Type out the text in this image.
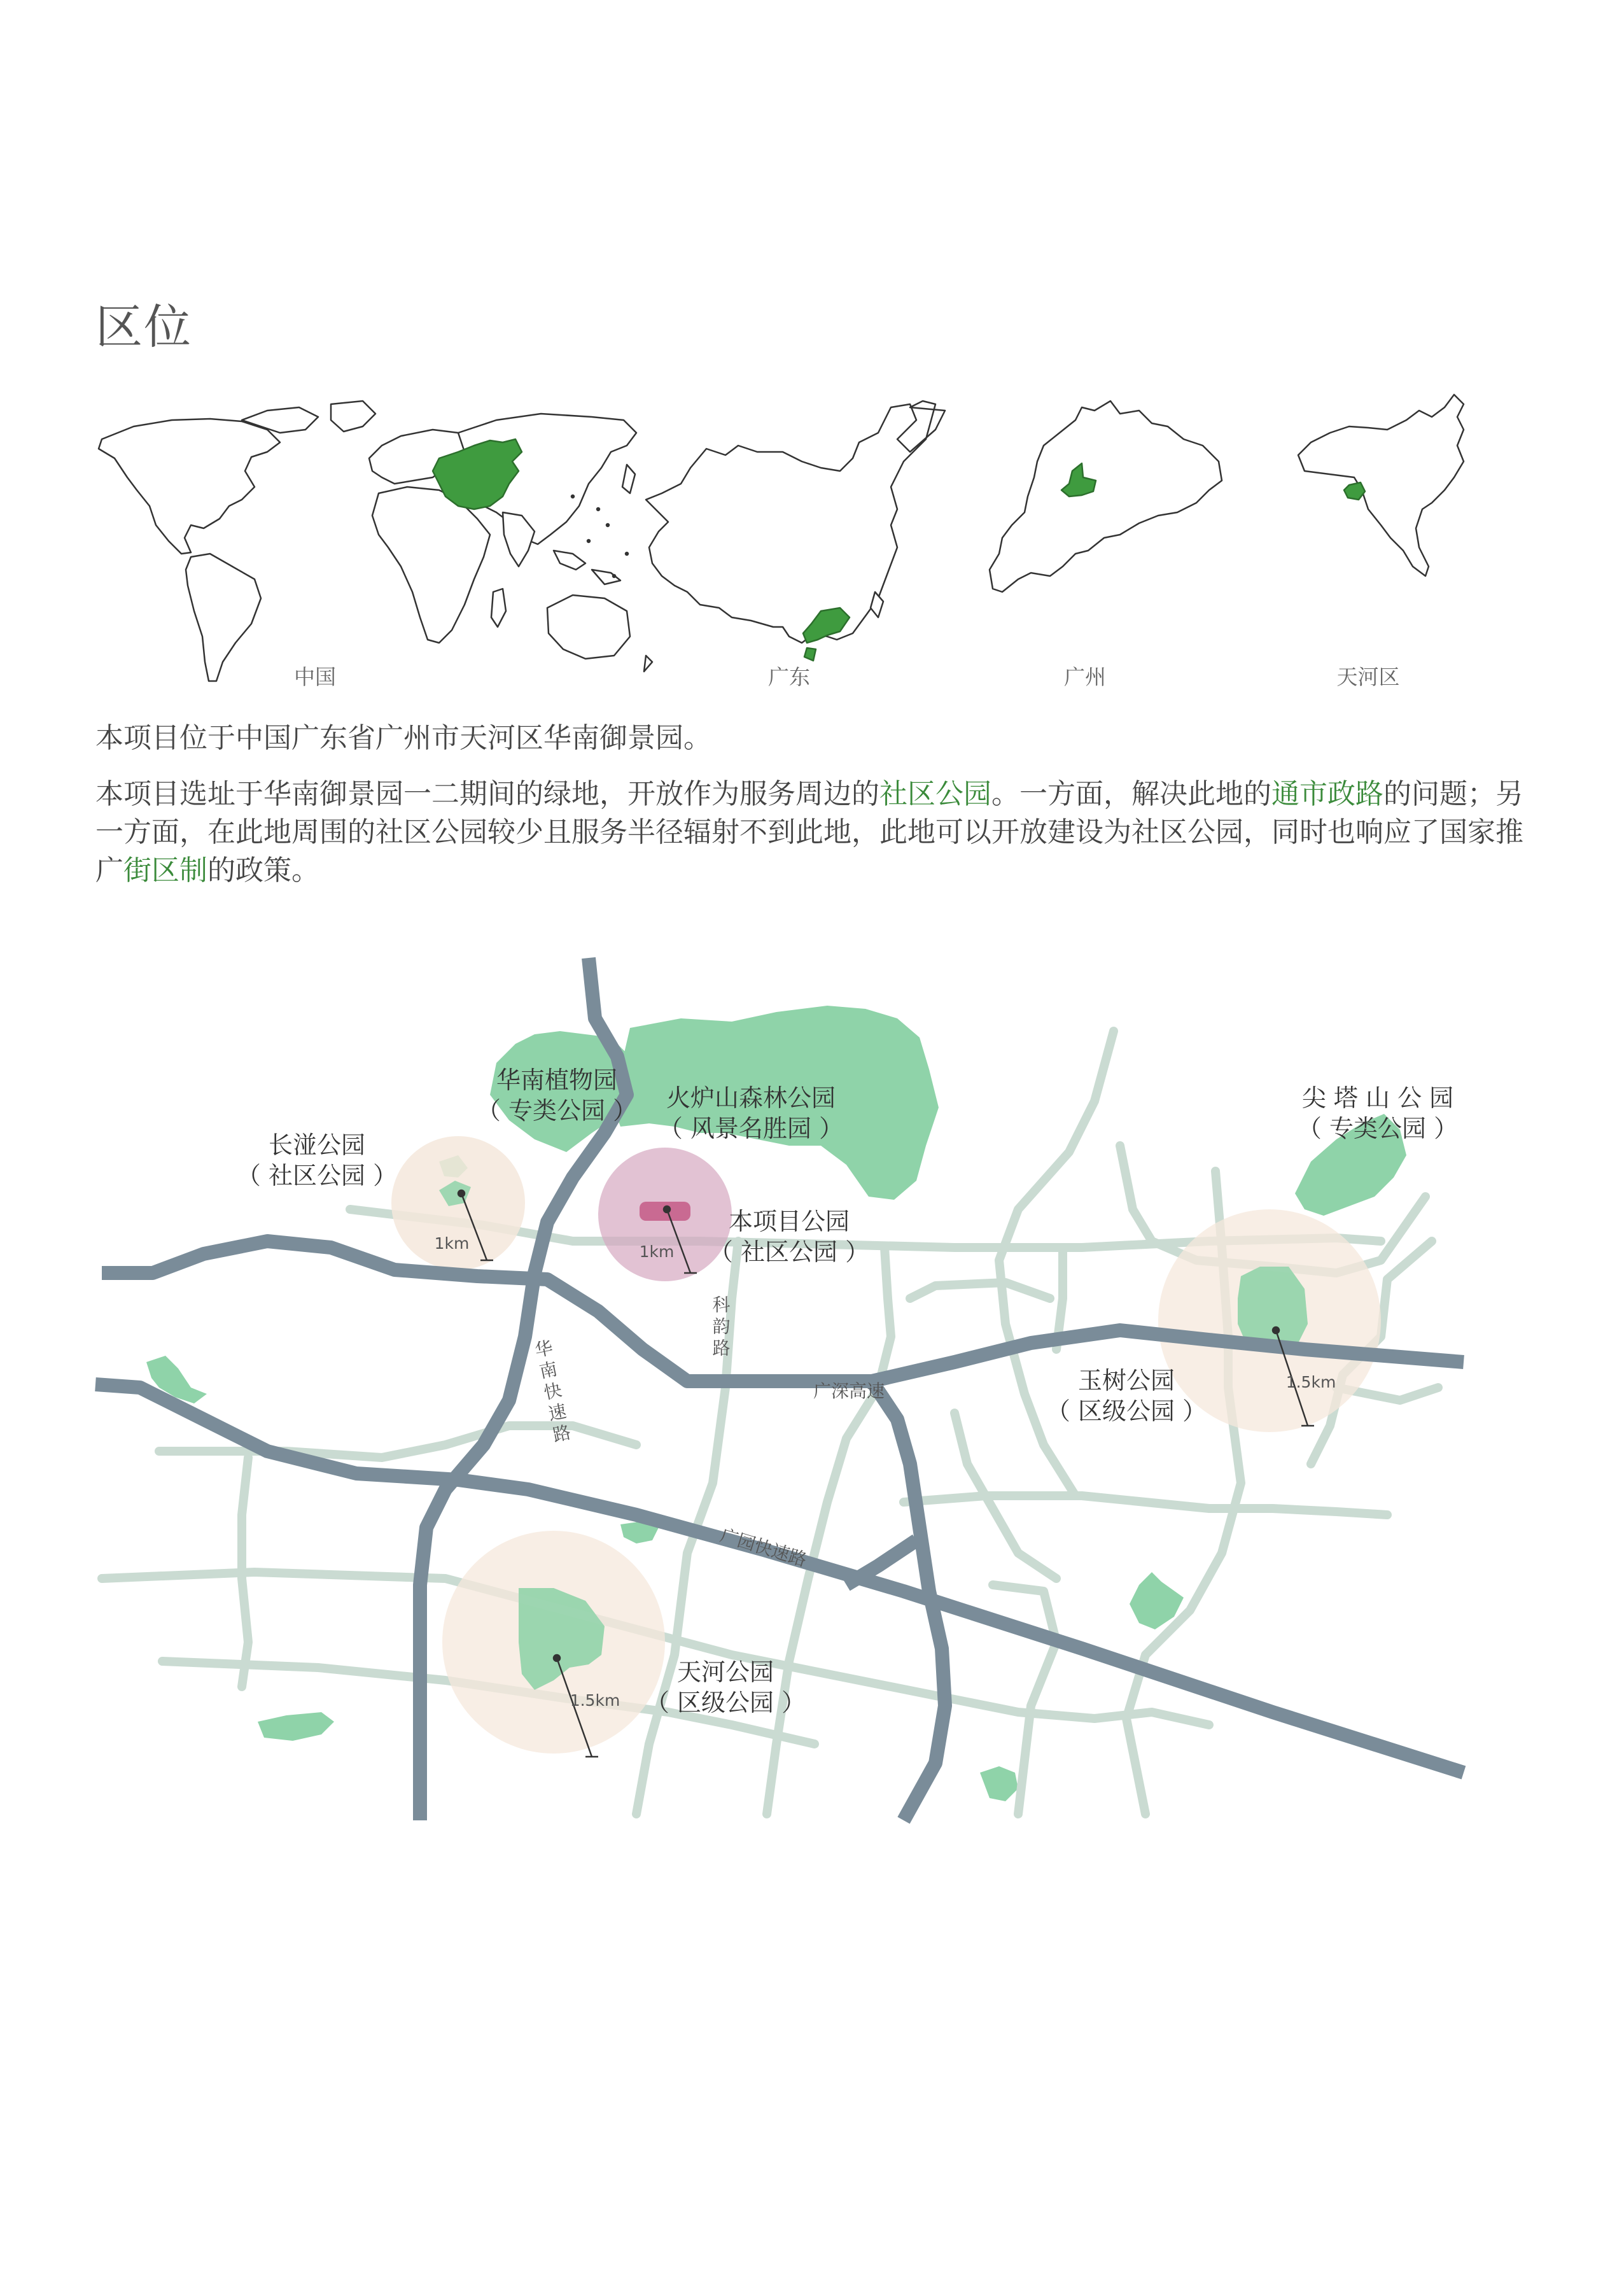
区位
中国	广东	广州	天河区
本项目位于中国广东省广州市天河区华南御景园。
本项目选址于华南御景园一二期间的绿地，开放作为服务周边的社区公园。一方面，解决此地的通市政路的问题；另一方面，在此地周围的社区公园较少且服务半径辐射不到此地，此地可以开放建设为社区公园，同时也响应了国家推广街区制的政策。
1km	1km
1.5km
1.5km
华南植物园
（ 专类公园 ） 火炉山森林公园
（ 风景名胜园 ）
长湴公园
（ 社区公园 ）
本项目公园
（ 社区公园 ）
尖 塔 山 公 园
（ 专类公园 ）
玉树公园
（ 区级公园 ）
天河公园
（ 区级公园 ）
广深高速
广园快速路
华南快速路
科韵路
